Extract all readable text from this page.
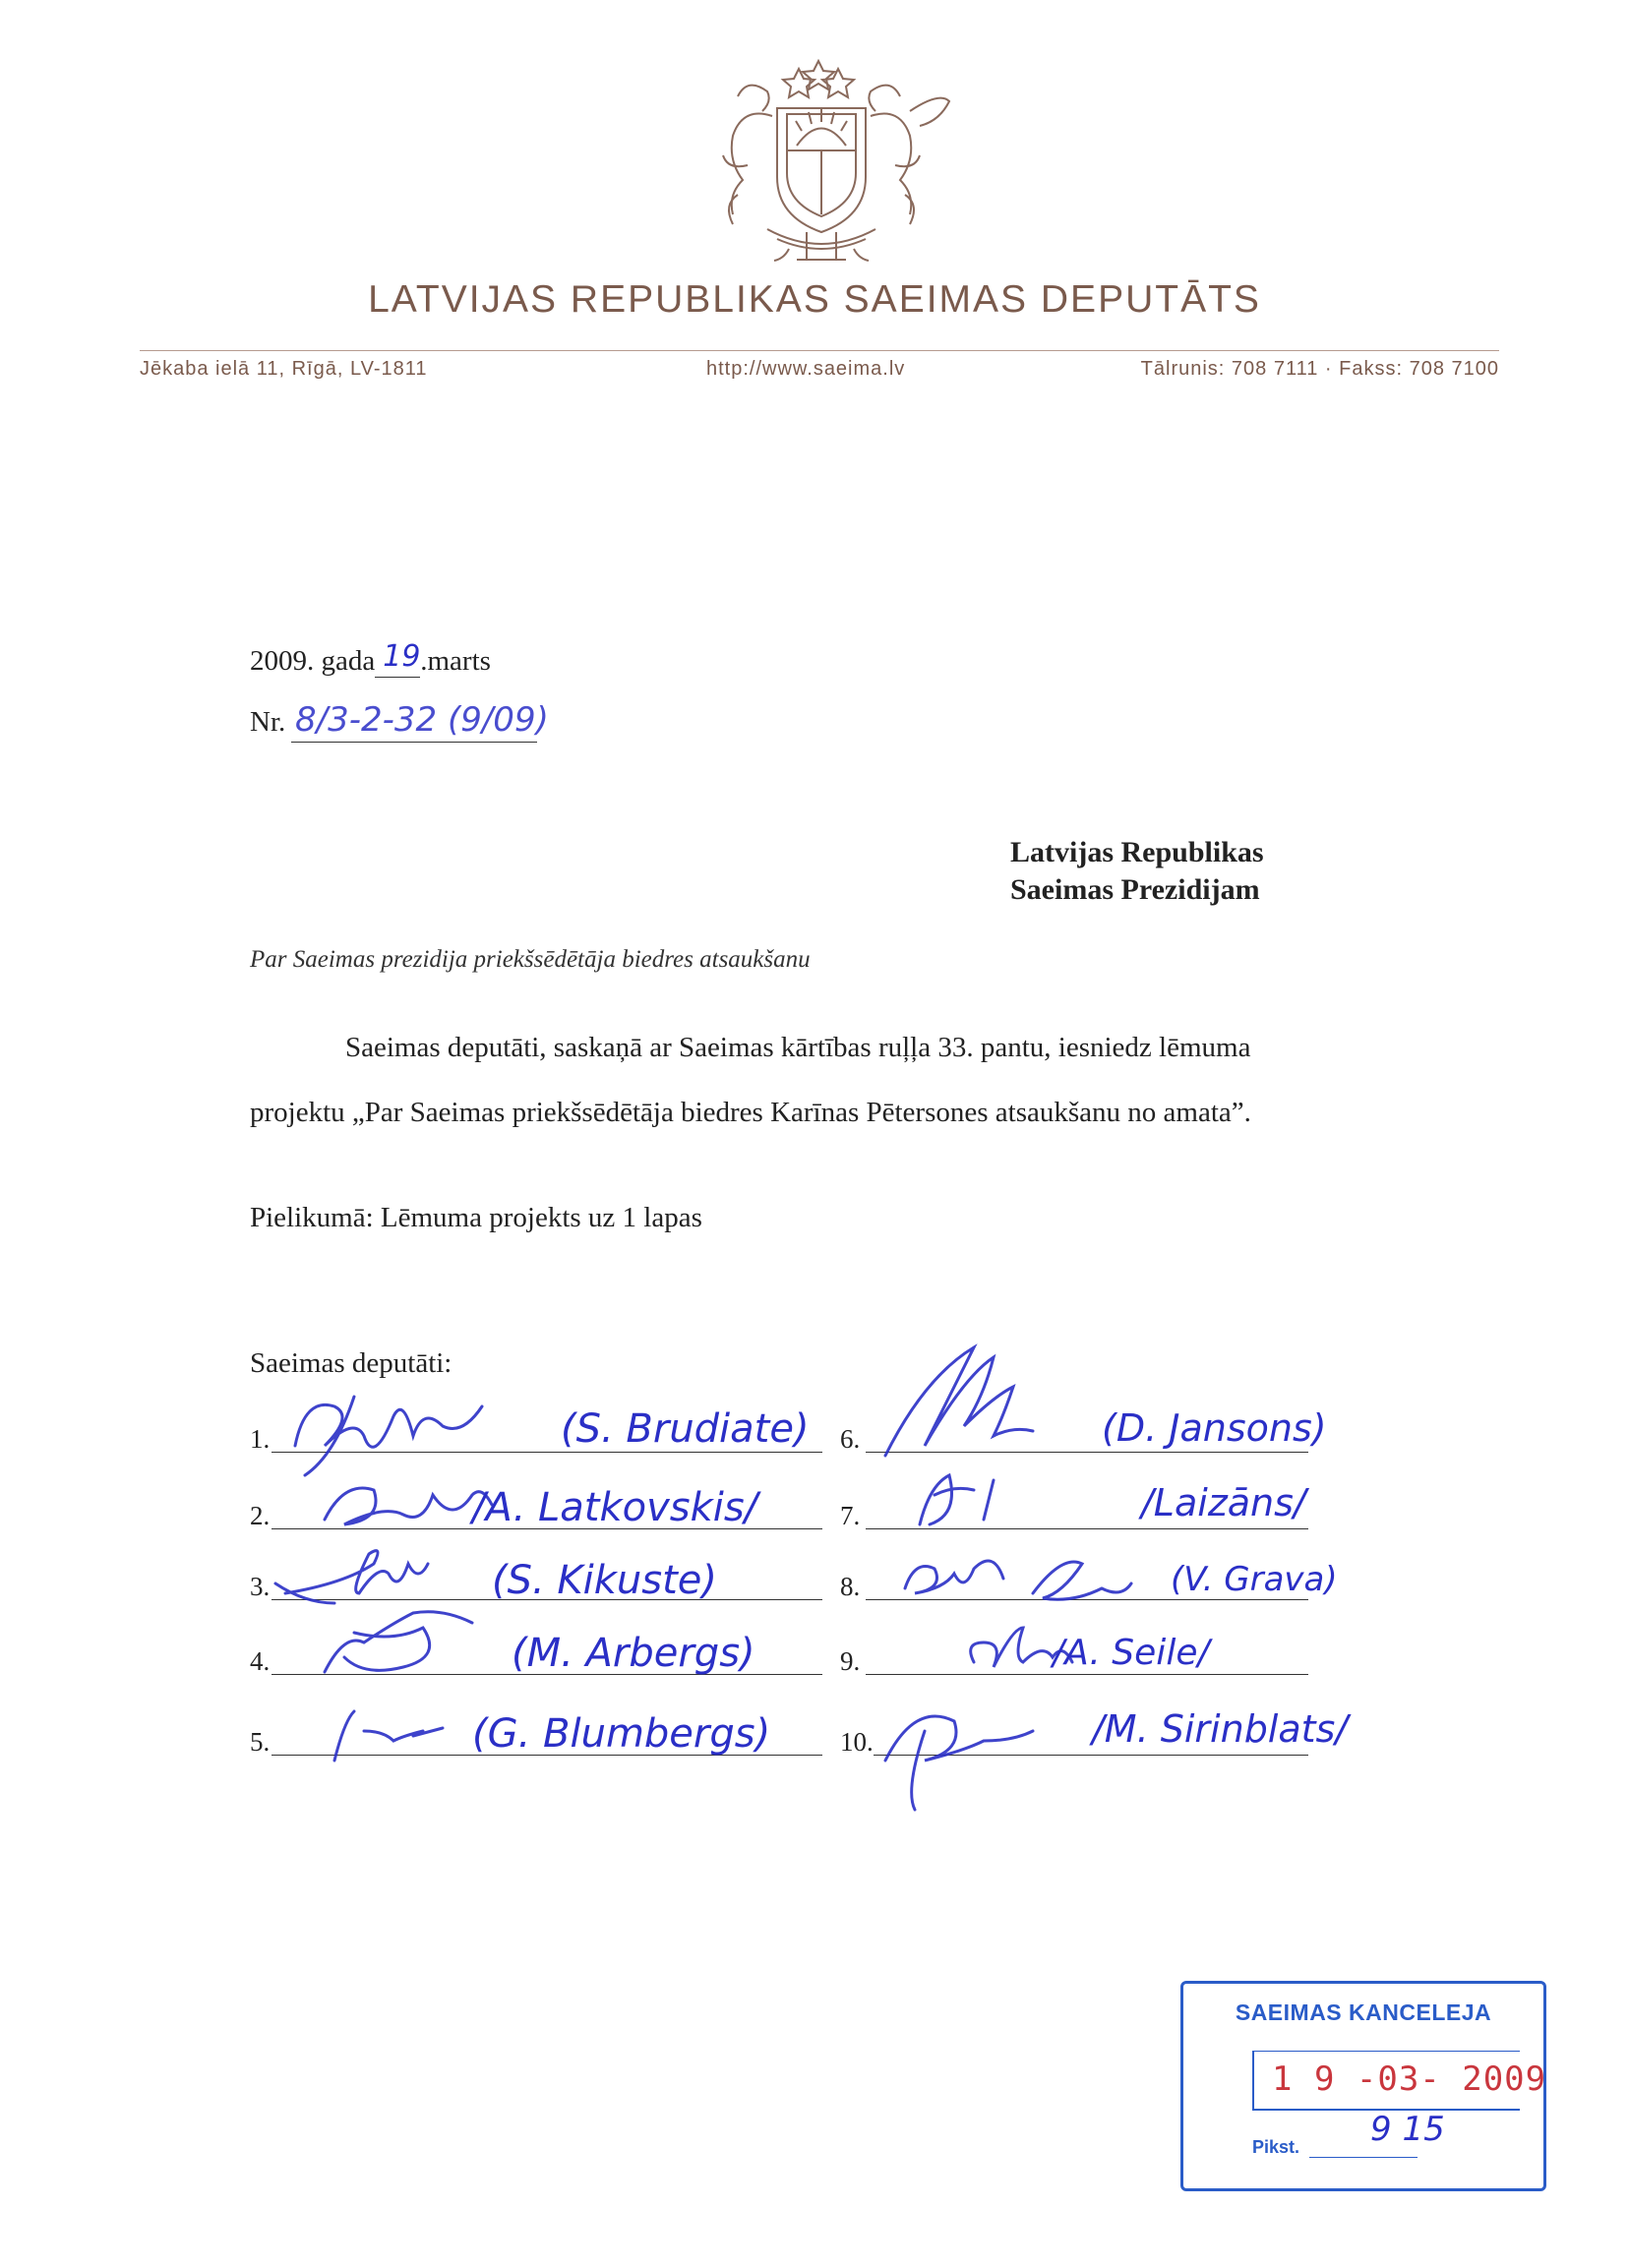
LATVIJAS REPUBLIKAS SAEIMAS DEPUTĀTS
Jēkaba ielā 11, Rīgā, LV-1811	http://www.saeima.lv	Tālrunis: 708 7111 · Fakss: 708 7100
2009. gada 19 .marts
Nr. 8/3-2-32 (9/09)
Latvijas Republikas
Saeimas Prezidijam
Par Saeimas prezidija priekšsēdētāja biedres atsaukšanu
Saeimas deputāti, saskaņā ar Saeimas kārtības ruļļa 33. pantu, iesniedz lēmuma
projektu „Par Saeimas priekšsēdētāja biedres Karīnas Pētersones atsaukšanu no amata”.
Pielikumā: Lēmuma projekts uz 1 lapas
Saeimas deputāti:
1.	(S. Brudiate)
2.	/A. Latkovskis/
3.	(S. Kikuste)
4.	(M. Arbergs)
5.	(G. Blumbergs)
6.	(D. Jansons)
7.	/Laizāns/
8.	(V. Grava)
9.	/A. Seile/
10.	/M. Sirinblats/
SAEIMAS KANCELEJA
1 9 -03- 2009
9 15
Pikst.
